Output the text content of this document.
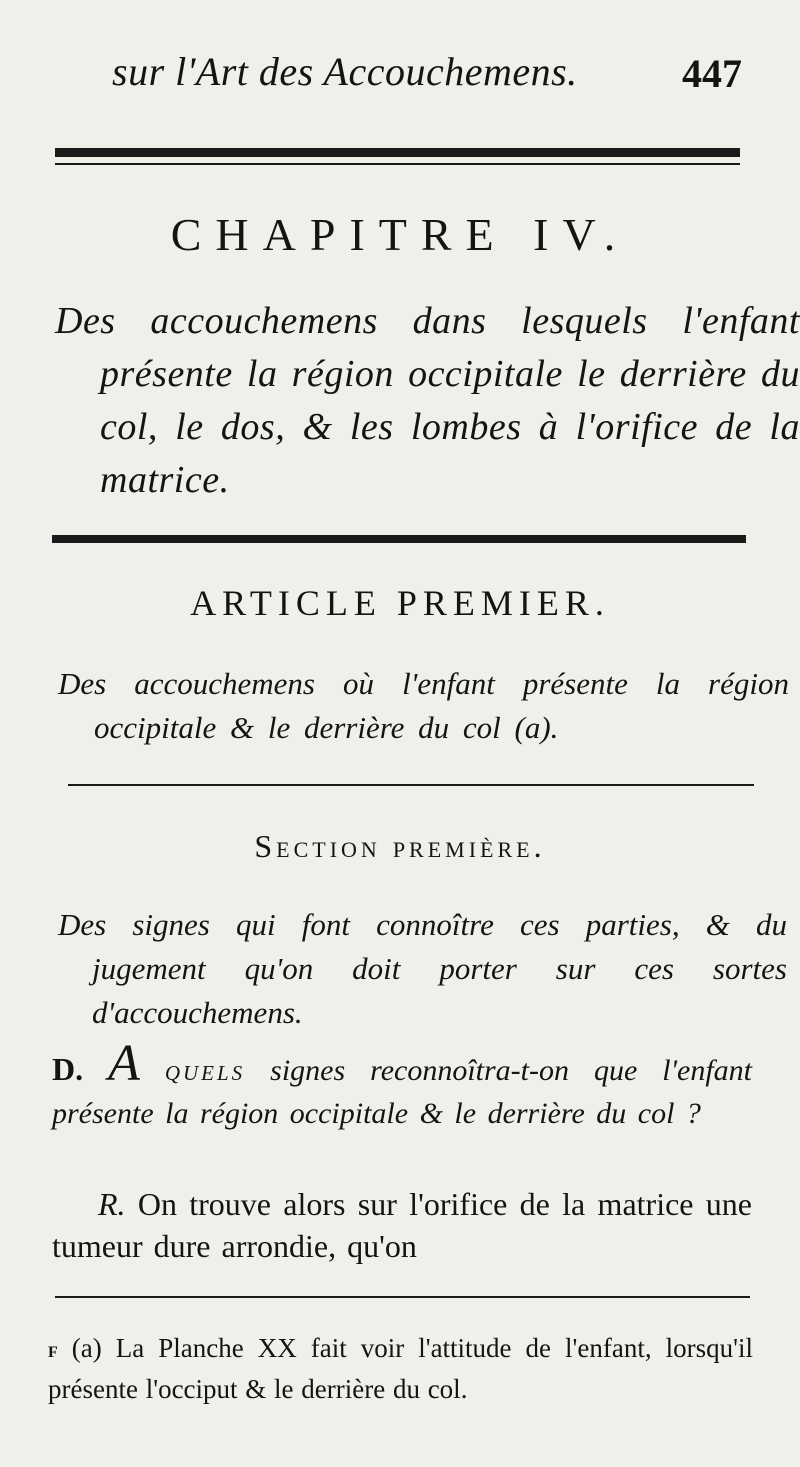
sur l'Art des Accouchemens.	447
CHAPITRE IV.
Des accouchemens dans lesquels l'enfant présente la région occipitale le derrière du col, le dos, & les lombes à l'orifice de la matrice.
ARTICLE PREMIER.
Des accouchemens où l'enfant présente la région occipitale & le derrière du col (a).
Section première.
Des signes qui font connoître ces parties, & du jugement qu'on doit porter sur ces sortes d'accouchemens.
D. A quels signes reconnoîtra-t-on que l'enfant présente la région occipitale & le derrière du col ?
R. On trouve alors sur l'orifice de la matrice une tumeur dure arrondie, qu'on
F (a) La Planche XX fait voir l'attitude de l'enfant, lorsqu'il présente l'occiput & le derrière du col.
